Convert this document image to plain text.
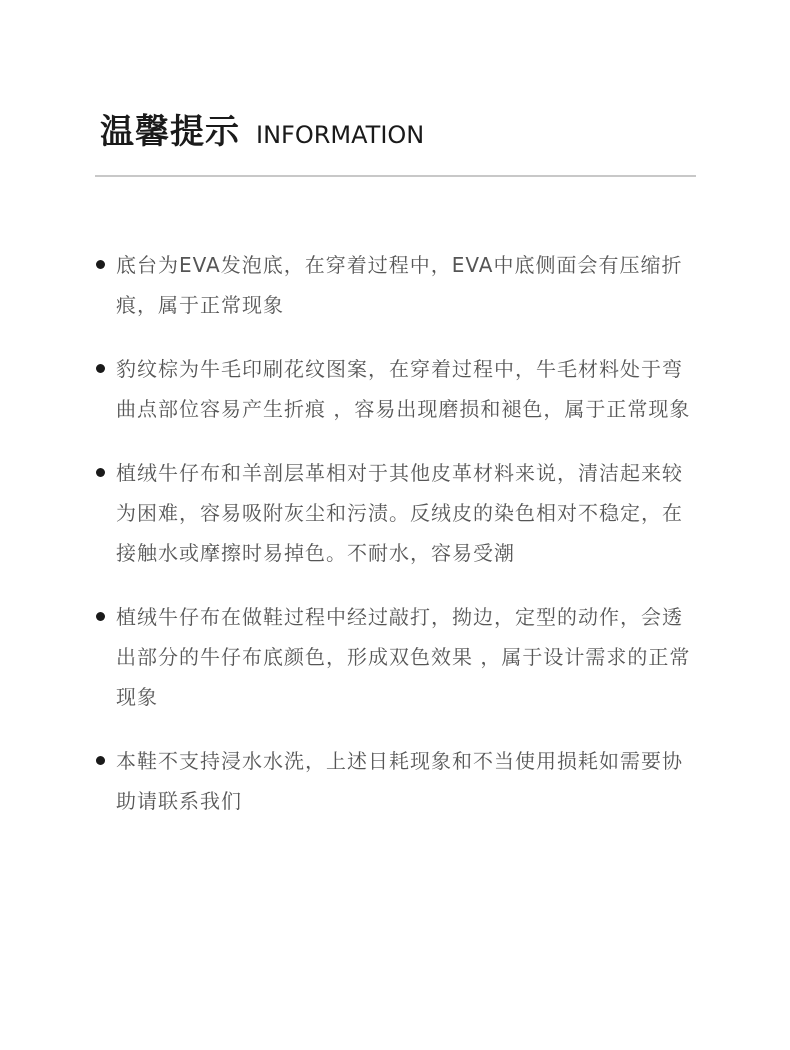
温馨提示 INFORMATION
底台为EVA发泡底，在穿着过程中，EVA中底侧面会有压缩折痕，属于正常现象
豹纹棕为牛毛印刷花纹图案，在穿着过程中，牛毛材料处于弯曲点部位容易产生折痕 ，容易出现磨损和褪色，属于正常现象
植绒牛仔布和羊剖层革相对于其他皮革材料来说，清洁起来较为困难，容易吸附灰尘和污渍。反绒皮的染色相对不稳定，在接触水或摩擦时易掉色。不耐水，容易受潮
植绒牛仔布在做鞋过程中经过敲打，拗边，定型的动作，会透出部分的牛仔布底颜色，形成双色效果 ，属于设计需求的正常现象
本鞋不支持浸水水洗，上述日耗现象和不当使用损耗如需要协助请联系我们
